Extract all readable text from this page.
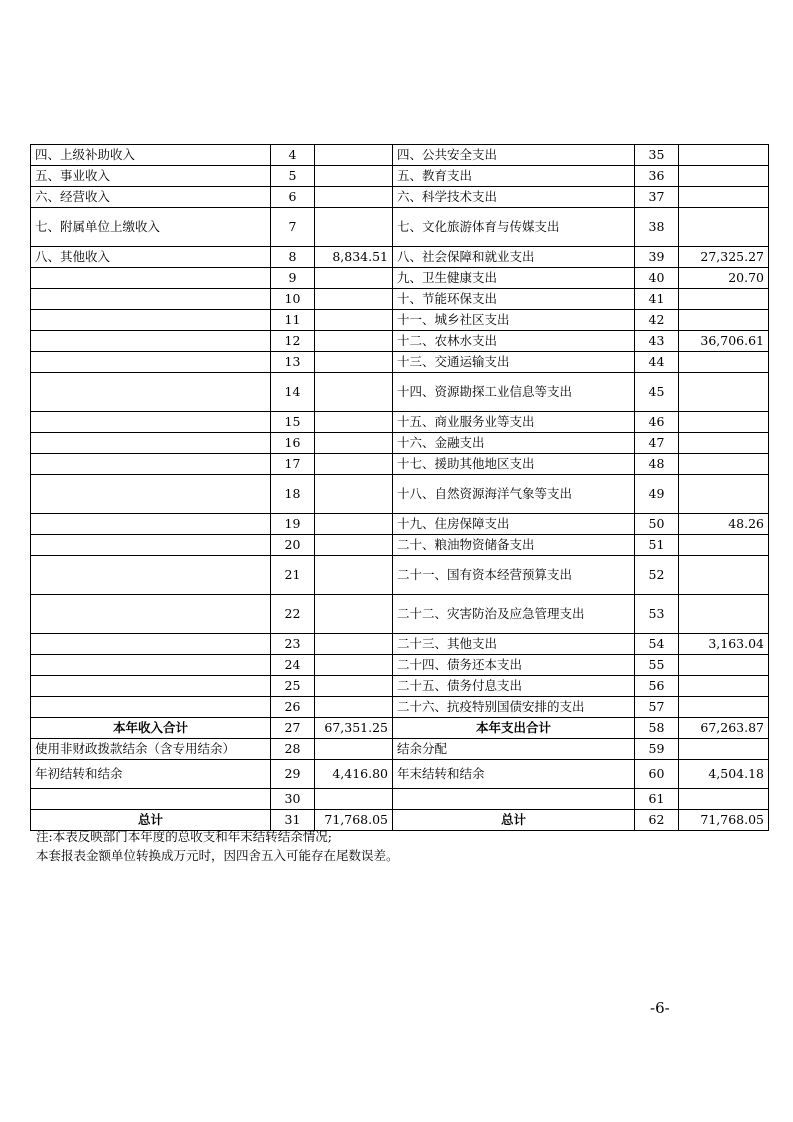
四、上级补助收入	4		四、公共安全支出	35	
五、事业收入	5		五、教育支出	36	
六、经营收入	6		六、科学技术支出	37	
七、附属单位上缴收入	7		七、文化旅游体育与传媒支出	38	
八、其他收入	8	8,834.51	八、社会保障和就业支出	39	27,325.27
	9		九、卫生健康支出	40	20.70
	10		十、节能环保支出	41	
	11		十一、城乡社区支出	42	
	12		十二、农林水支出	43	36,706.61
	13		十三、交通运输支出	44	
	14		十四、资源勘探工业信息等支出	45	
	15		十五、商业服务业等支出	46	
	16		十六、金融支出	47	
	17		十七、援助其他地区支出	48	
	18		十八、自然资源海洋气象等支出	49	
	19		十九、住房保障支出	50	48.26
	20		二十、粮油物资储备支出	51	
	21		二十一、国有资本经营预算支出	52	
	22		二十二、灾害防治及应急管理支出	53	
	23		二十三、其他支出	54	3,163.04
	24		二十四、债务还本支出	55	
	25		二十五、债务付息支出	56	
	26		二十六、抗疫特别国债安排的支出	57	
本年收入合计	27	67,351.25	本年支出合计	58	67,263.87
使用非财政拨款结余（含专用结余）	28		结余分配	59	
年初结转和结余	29	4,416.80	年末结转和结余	60	4,504.18
	30			61	
总计	31	71,768.05	总计	62	71,768.05
注:本表反映部门本年度的总收支和年末结转结余情况;
本套报表金额单位转换成万元时，因四舍五入可能存在尾数误差。
-6-
